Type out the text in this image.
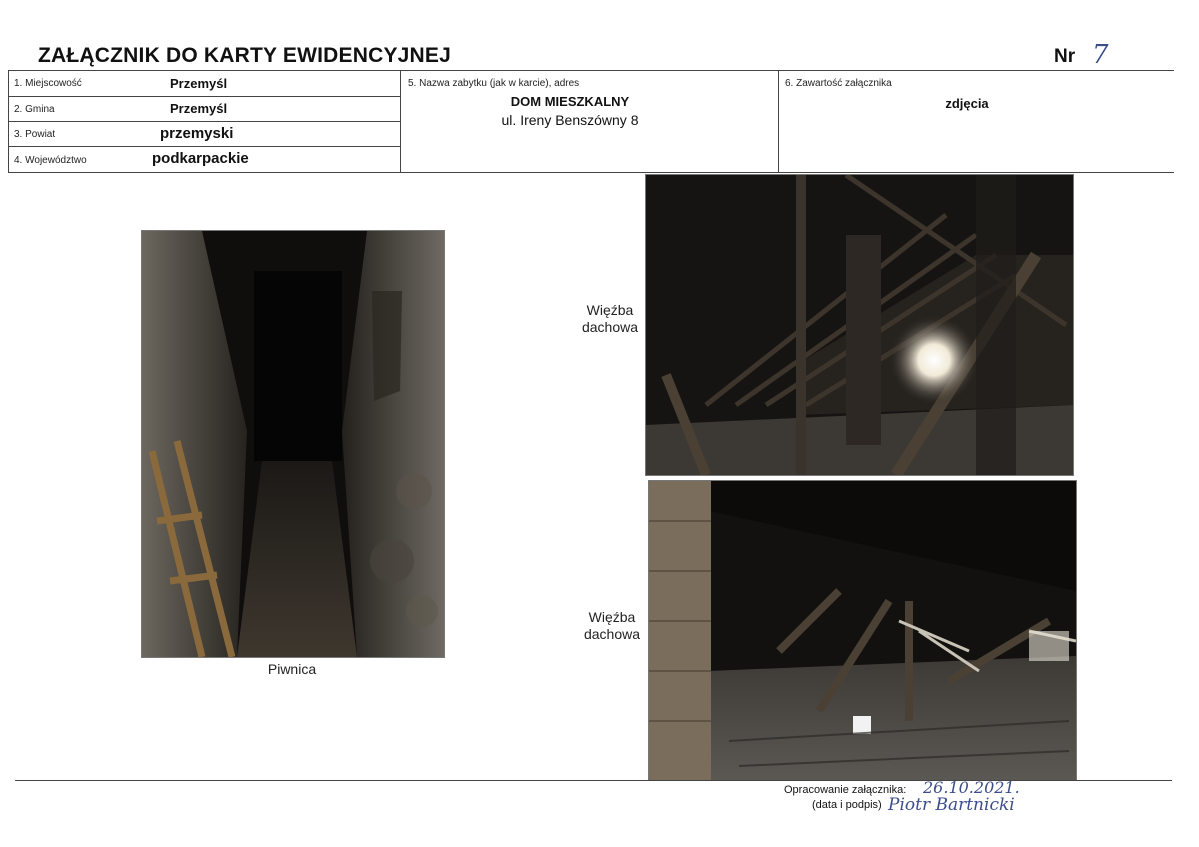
ZAŁĄCZNIK DO KARTY EWIDENCYJNEJ	Nr 7
1. Miejscowość	Przemyśl
2. Gmina	Przemyśl
3. Powiat	przemyski
4. Województwo	podkarpackie
5. Nazwa zabytku (jak w karcie), adres
DOM MIESZKALNY
ul. Ireny Benszówny 8
6. Zawartość załącznika
zdjęcia
Piwnica
Więźba
dachowa
Więźba
dachowa
Opracowanie załącznika: 26.10.2021.
(data i podpis) Piotr Bartnicki
